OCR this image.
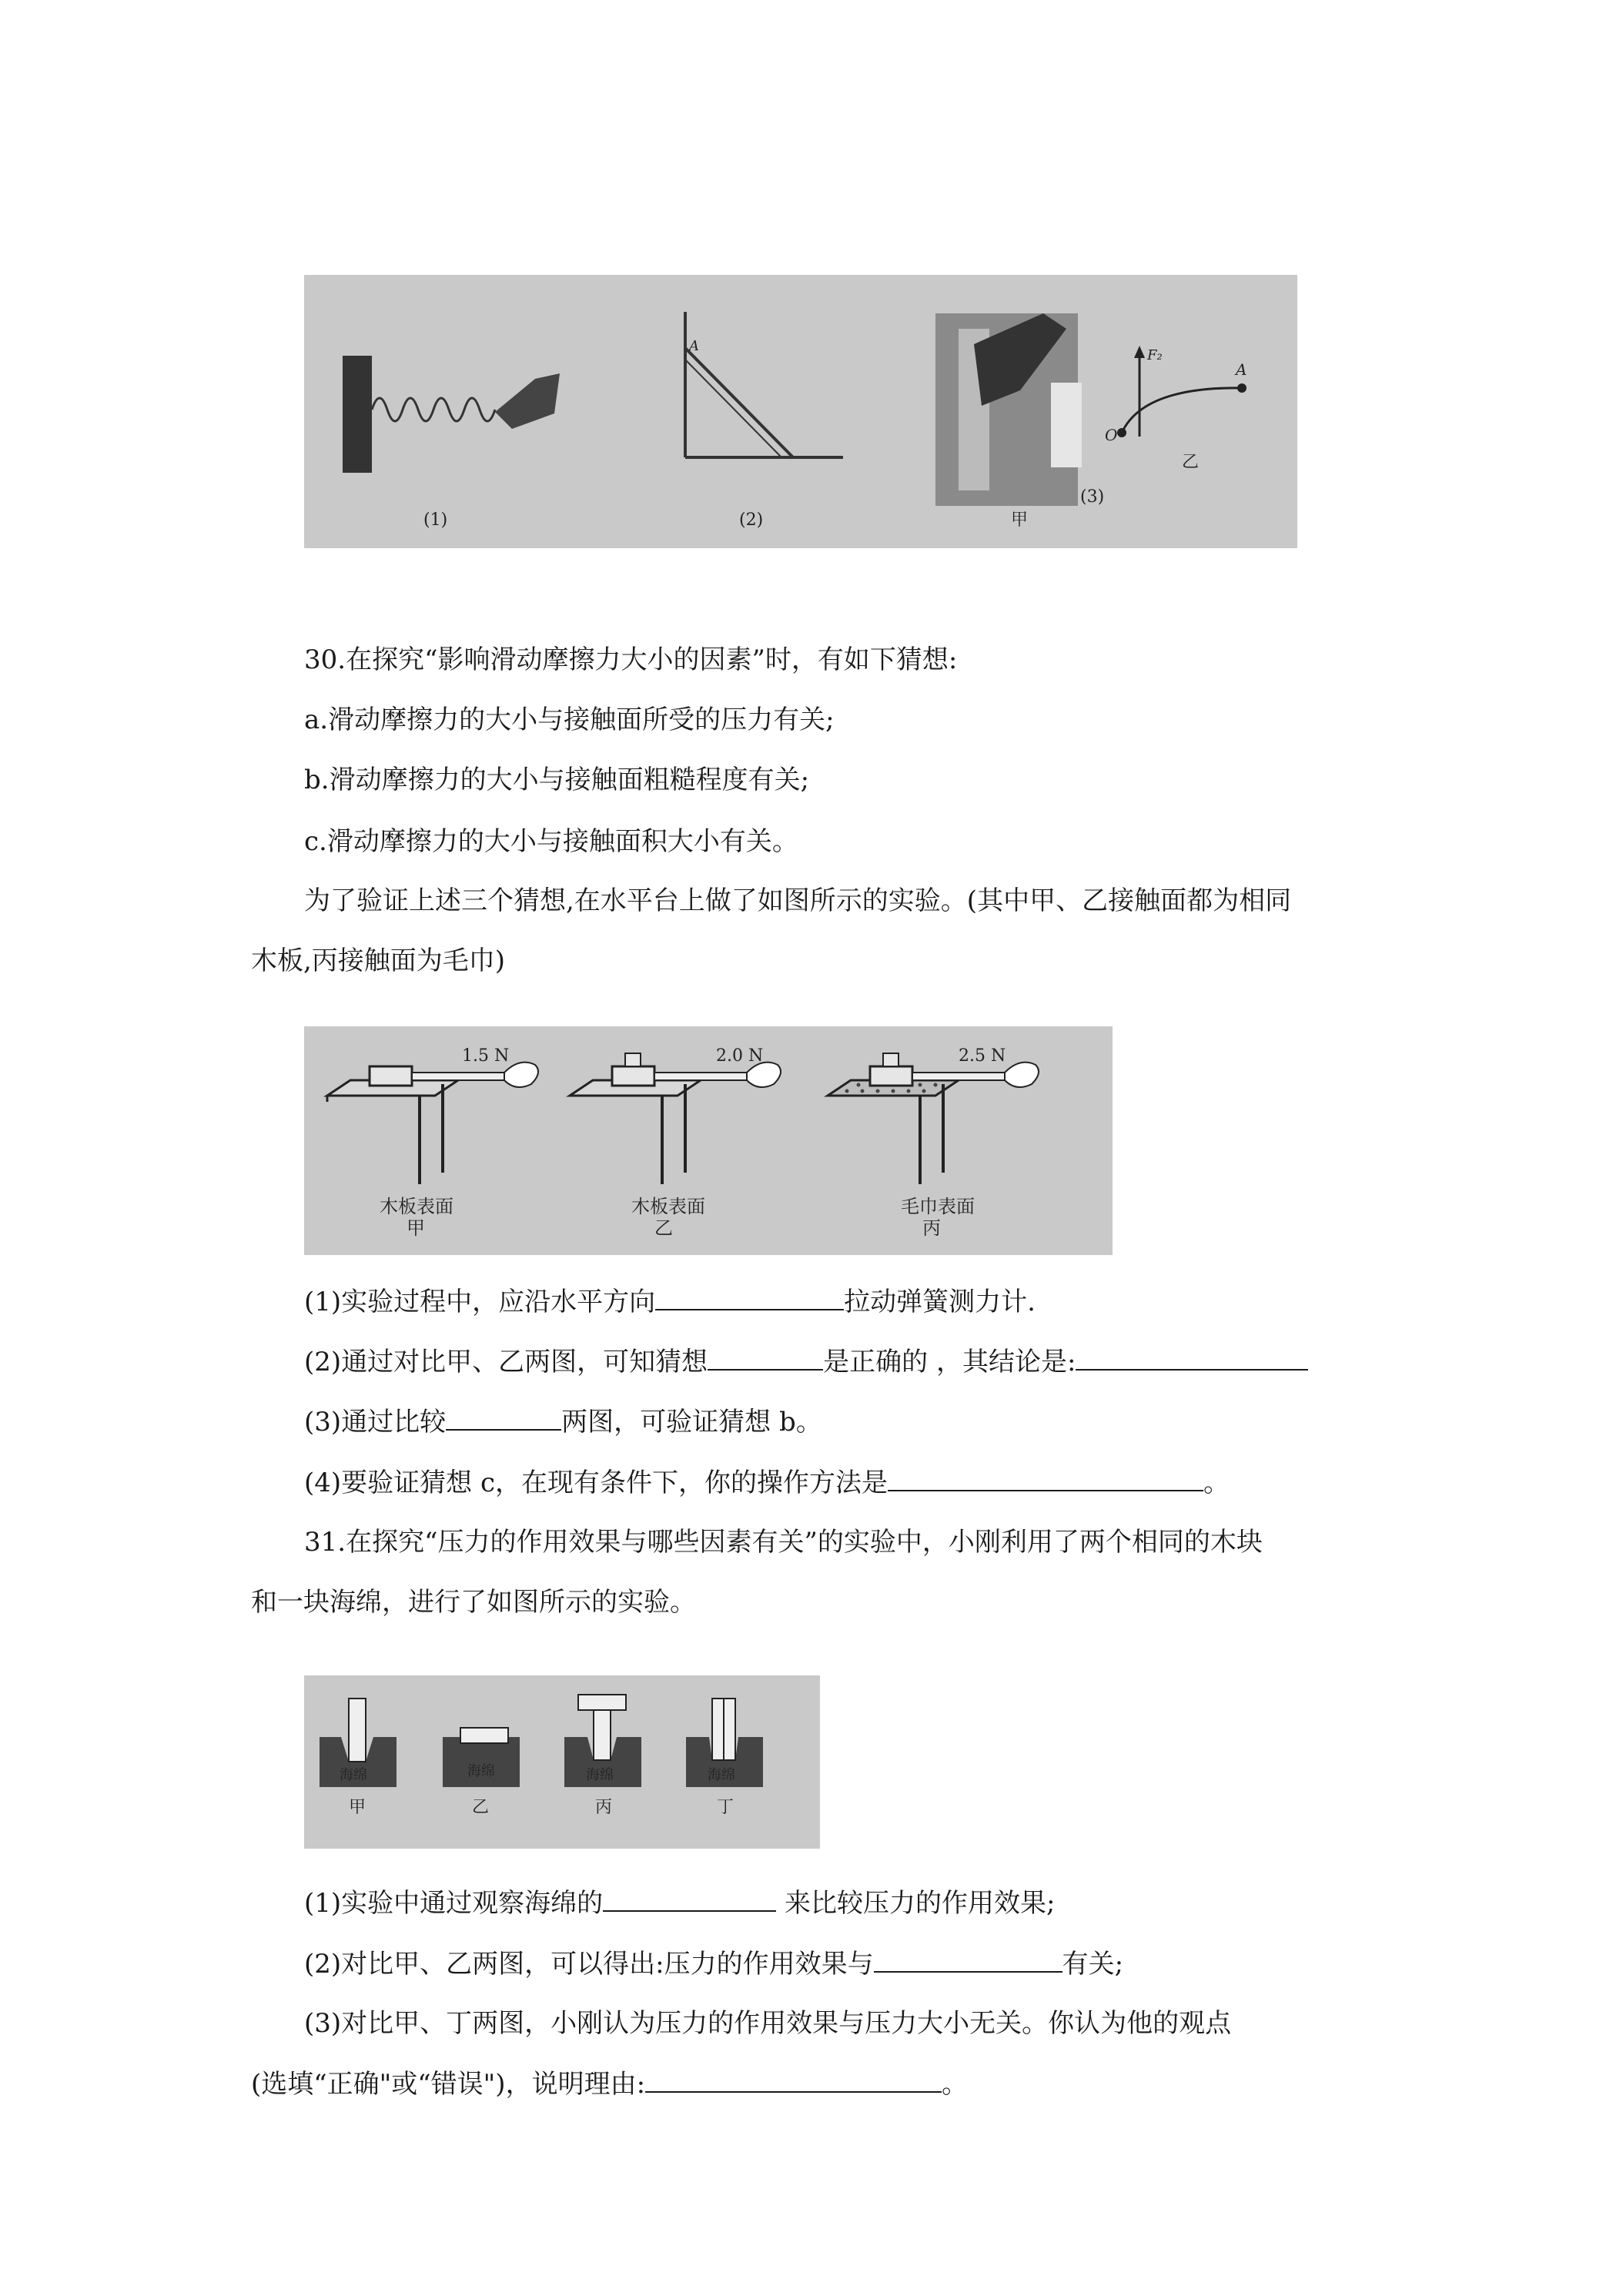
(1)
A
(2)	甲
(3)
O
A
F₂
乙
30.在探究“影响滑动摩擦力大小的因素”时，有如下猜想:
a.滑动摩擦力的大小与接触面所受的压力有关;
b.滑动摩擦力的大小与接触面粗糙程度有关;
c.滑动摩擦力的大小与接触面积大小有关。
为了验证上述三个猜想,在水平台上做了如图所示的实验。(其中甲、乙接触面都为相同
木板,丙接触面为毛巾)
1.5 N
木板表面
甲
2.0 N
木板表面
乙
2.5 N
毛巾表面
丙
(1)实验过程中，应沿水平方向	拉动弹簧测力计.
(2)通过对比甲、乙两图，可知猜想	是正确的 ，其结论是:
(3)通过比较	两图，可验证猜想 b。
(4)要验证猜想 c，在现有条件下，你的操作方法是	。
31.在探究“压力的作用效果与哪些因素有关”的实验中，小刚利用了两个相同的木块
和一块海绵，进行了如图所示的实验。
海绵
甲
海绵
乙
海绵
丙
海绵
丁
(1)实验中通过观察海绵的	来比较压力的作用效果;
(2)对比甲、乙两图，可以得出:压力的作用效果与	有关;
(3)对比甲、丁两图，小刚认为压力的作用效果与压力大小无关。你认为他的观点
(选填“正确"或“错误")，说明理由:	。
